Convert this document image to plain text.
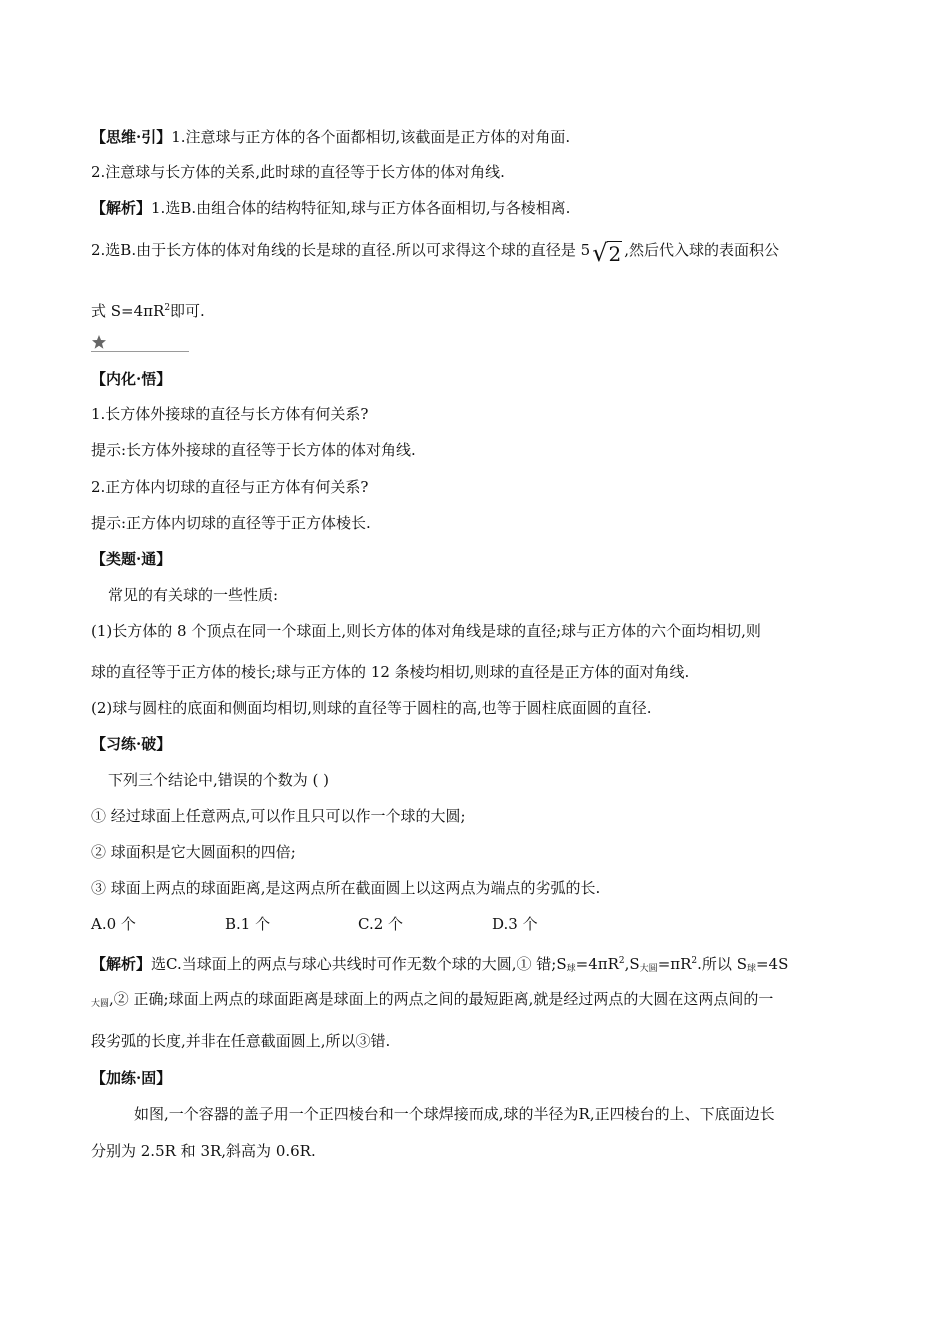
【思维·引】1.注意球与正方体的各个面都相切,该截面是正方体的对角面.
2.注意球与长方体的关系,此时球的直径等于长方体的体对角线.
【解析】1.选B.由组合体的结构特征知,球与正方体各面相切,与各棱相离.
2.选B.由于长方体的体对角线的长是球的直径.所以可求得这个球的直径是 5√2 ,然后代入球的表面积公
式 $S=4\pi R^2$即可.
【内化·悟】
1.长方体外接球的直径与长方体有何关系?
提示:长方体外接球的直径等于长方体的体对角线.
2.正方体内切球的直径与正方体有何关系?
提示:正方体内切球的直径等于正方体棱长.
【类题·通】
常见的有关球的一些性质:
(1)长方体的 8 个顶点在同一个球面上,则长方体的体对角线是球的直径;球与正方体的六个面均相切,则
球的直径等于正方体的棱长;球与正方体的 12 条棱均相切,则球的直径是正方体的面对角线.
(2)球与圆柱的底面和侧面均相切,则球的直径等于圆柱的高,也等于圆柱底面圆的直径.
【习练·破】
下列三个结论中,错误的个数为 ( )
① 经过球面上任意两点,可以作且只可以作一个球的大圆;
② 球面积是它大圆面积的四倍;
③ 球面上两点的球面距离,是这两点所在截面圆上以这两点为端点的劣弧的长.
A.0 个	B.1 个	C.2 个	D.3 个
【解析】选C.当球面上的两点与球心共线时可作无数个球的大圆,① 错$;S_球=4\pi R^2,S_{大圆}=\pi R^2$.所以 $S_球=4S$
$_{大圆}$,② 正确;球面上两点的球面距离是球面上的两点之间的最短距离,就是经过两点的大圆在这两点间的一
段劣弧的长度,并非在任意截面圆上,所以③错.
【加练·固】
如图,一个容器的盖子用一个正四棱台和一个球焊接而成,球的半径为R,正四棱台的上、下底面边长
分别为 2.5R 和 3R,斜高为 0.6R.
